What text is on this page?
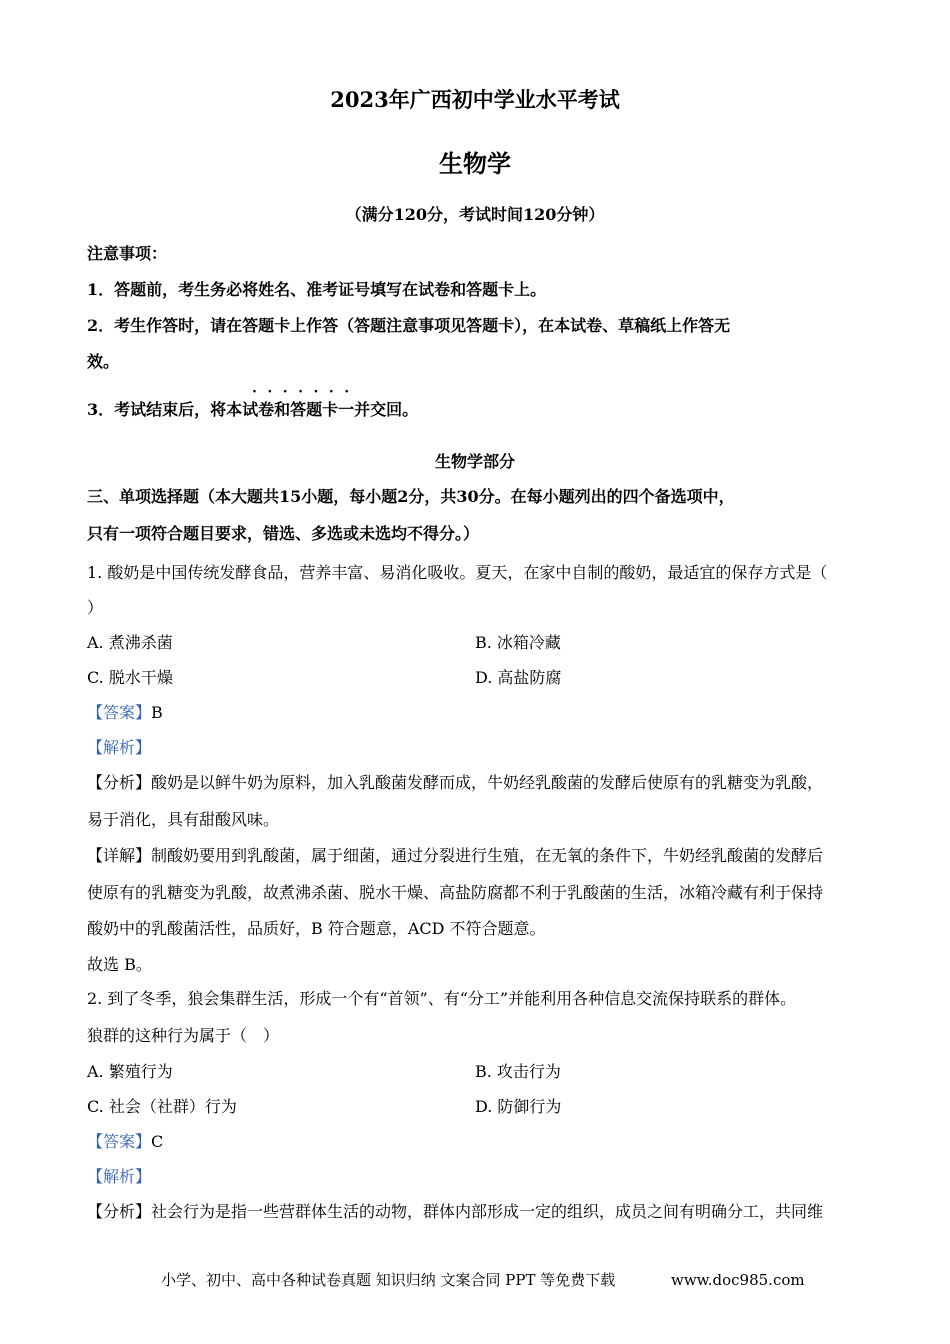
2023年广西初中学业水平考试
生物学
（满分120分，考试时间120分钟）
注意事项：
1．答题前，考生务必将姓名、准考证号填写在试卷和答题卡上。
2．考生作答时，请在答题卡上作答（答题注意事项见答题卡），在本试卷、草稿纸上作答无
效。
·······
3．考试结束后，将本试卷和答题卡一并交回。
生物学部分
三、单项选择题（本大题共15小题，每小题2分，共30分。在每小题列出的四个备选项中，
只有一项符合题目要求，错选、多选或未选均不得分。）
1. 酸奶是中国传统发酵食品，营养丰富、易消化吸收。夏天，在家中自制的酸奶，最适宜的保存方式是（
）
A. 煮沸杀菌	B. 冰箱冷藏
C. 脱水干燥	D. 高盐防腐
【答案】B
【解析】
【分析】酸奶是以鲜牛奶为原料，加入乳酸菌发酵而成，牛奶经乳酸菌的发酵后使原有的乳糖变为乳酸，
易于消化，具有甜酸风味。
【详解】制酸奶要用到乳酸菌，属于细菌，通过分裂进行生殖，在无氧的条件下，牛奶经乳酸菌的发酵后
使原有的乳糖变为乳酸，故煮沸杀菌、脱水干燥、高盐防腐都不利于乳酸菌的生活，冰箱冷藏有利于保持
酸奶中的乳酸菌活性，品质好，B 符合题意，ACD 不符合题意。
故选 B。
2. 到了冬季，狼会集群生活，形成一个有“首领”、有“分工”并能利用各种信息交流保持联系的群体。
狼群的这种行为属于（　）
A. 繁殖行为	B. 攻击行为
C. 社会（社群）行为	D. 防御行为
【答案】C
【解析】
【分析】社会行为是指一些营群体生活的动物，群体内部形成一定的组织，成员之间有明确分工，共同维
小学、初中、高中各种试卷真题 知识归纳 文案合同 PPT 等免费下载	www.doc985.com
